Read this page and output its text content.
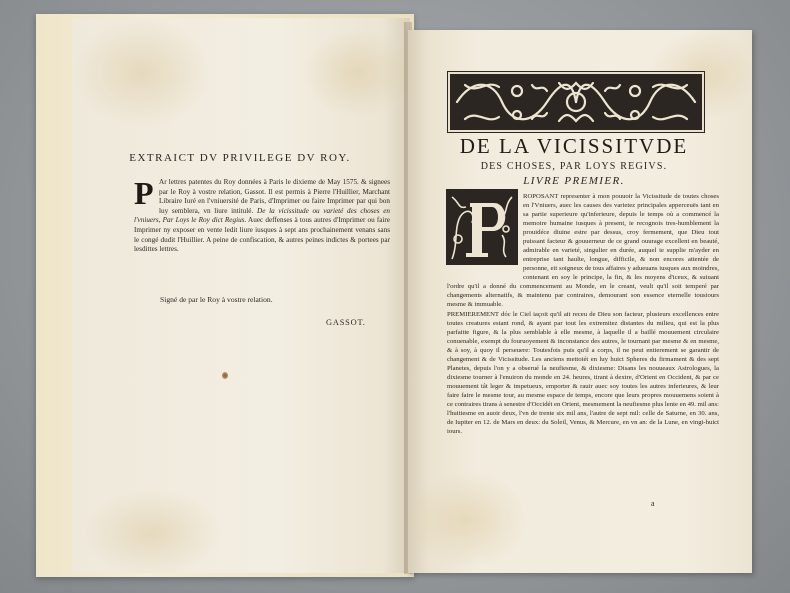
EXTRAICT DV PRIVILEGE DV ROY.
P Ar lettres patentes du Roy données à Paris le dixieme de May 1575. & signees par le Roy à vostre relation, Gassot. Il est permis à Pierre l'Huillier, Marchant Libraire Iuré en l'vniuersité de Paris, d'Imprimer ou faire Imprimer par qui bon luy semblera, vn liure intitulé. De la vicissitude ou varieté des choses en l'vniuers, Par Loys le Roy dict Regius. Auec deffenses à tous autres d'Imprimer ou faire Imprimer ny exposer en vente ledit liure iusques à sept ans prochainement venans sans le congé dudit l'Huillier. A peine de confiscation, & autres peines indictes & portees par lesdittes lettres.
Signé de par le Roy à vostre relation.
GASSOT.
DE LA VICISSITVDE
DES CHOSES, PAR LOYS REGIVS.
LIVRE PREMIER.

ROPOSANT representer à mon pouuoir la Vicissitude de toutes choses en l'Vniuers, auec les causes des varietez principales apperceuës tant en sa partie superieure qu'inferieure, depuis le temps où a commencé la memoire humaine iusques à present, ie recognois tres-humblement la prouidéce diuine estre par dessus, croy fermement, que Dieu tout puissant facteur & gouuerneur de ce grand ouurage excellent en beauté, admirable en varieté, singulier en durée, auquel ie supplie m'ayder en entreprise tant haulte, longue, difficile, & non encores attentée de personne, eit soigneux de tous affaires y adueuans iusques aux moindres, contenant en soy le principe, la fin, & les moyens d'iceux, & suiuant l'ordre qu'il a donné du commencement au Monde, en le creant, veult qu'il soit temperé par changements alternatifs, & maintenu par contraires, demourant son essence eternelle tousiours mesme & immuable.

PREMIEREMENT dóc le Ciel iaçoit qu'il ait receu de Dieu son facteur, plusieurs excellences entre toutes creatures estant rond, & ayant par tout les extremitez distantes du milieu, qui est la plus parfaitte figure, & la plus semblable à elle mesme, à laquelle il a baillé mouuement circulaire conuenable, exempt du fouruoyement & inconstance des autres, le tournant par mesme & en mesme, & à soy, à quoy il perseuere: Toutesfois puis qu'il a corps, il ne peut entierement se garantir de changement & de Vicissitude. Les anciens mettoiét en luy huict Spheres du firmament & des sept Planetes, depuis l'on y a obserué la neufiesme, & dixiesme: Disans les nouueaux Astrologues, la dixiesme tourner à l'enuiron du monde en 24. heures, tirant à dextre, d'Orient en Occident, & par ce mouuement tât leger & impetueux, emporter & rauir auec soy toutes les autres inferieures, & leur faire faire le mesme tour, au mesme espace de temps, encore que leurs propres mouuemens soient à ce contraires tirans à senestre d'Occidét en Orient, mesmement la neufiesme plus lente en 49. mil ans: l'huitiesme en auoir deux, l'vn de trente six mil ans, l'autre de sept mil: celle de Saturne, en 30. ans, de Iupiter en 12. de Mars en deux: du Soleil, Venus, & Mercure, en vn an: de la Lune, en vingt-huict iours.

a
